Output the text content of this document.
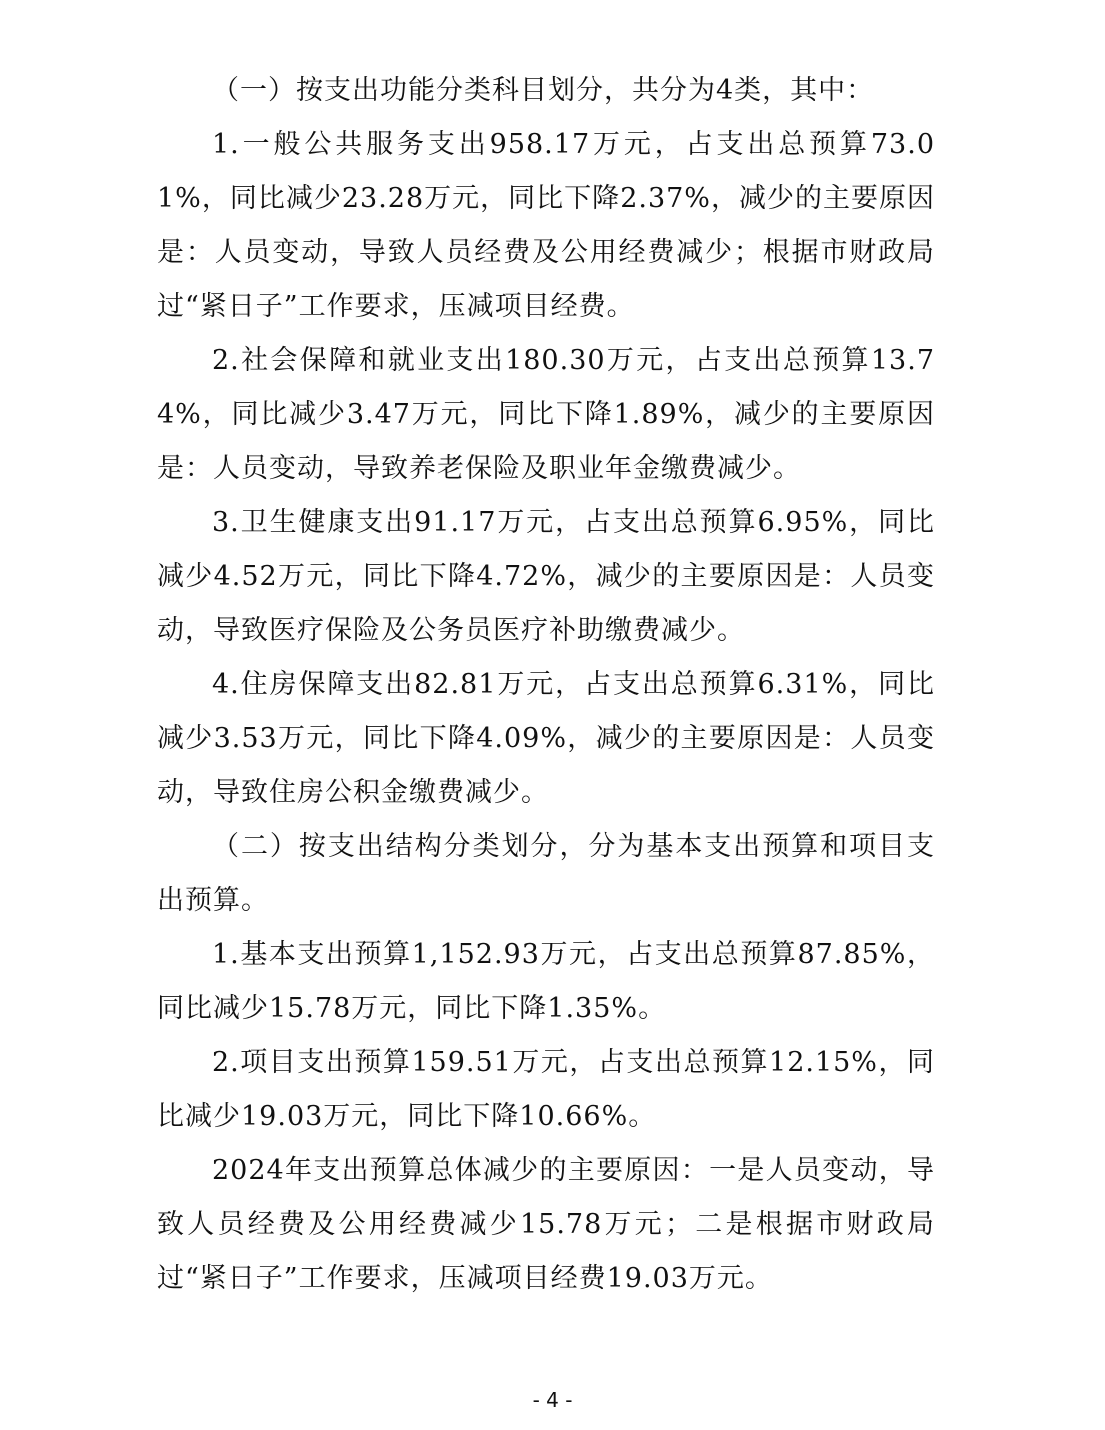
（一）按支出功能分类科目划分，共分为4类，其中：

1.一般公共服务支出958.17万元，占支出总预算73.01%，同比减少23.28万元，同比下降2.37%，减少的主要原因是：人员变动，导致人员经费及公用经费减少；根据市财政局过“紧日子”工作要求，压减项目经费。

2.社会保障和就业支出180.30万元，占支出总预算13.74%，同比减少3.47万元，同比下降1.89%，减少的主要原因是：人员变动，导致养老保险及职业年金缴费减少。

3.卫生健康支出91.17万元，占支出总预算6.95%，同比减少4.52万元，同比下降4.72%，减少的主要原因是：人员变动，导致医疗保险及公务员医疗补助缴费减少。

4.住房保障支出82.81万元，占支出总预算6.31%，同比减少3.53万元，同比下降4.09%，减少的主要原因是：人员变动，导致住房公积金缴费减少。

（二）按支出结构分类划分，分为基本支出预算和项目支出预算。

1.基本支出预算1,152.93万元，占支出总预算87.85%，同比减少15.78万元，同比下降1.35%。

2.项目支出预算159.51万元，占支出总预算12.15%，同比减少19.03万元，同比下降10.66%。

2024年支出预算总体减少的主要原因：一是人员变动，导致人员经费及公用经费减少15.78万元；二是根据市财政局过“紧日子”工作要求，压减项目经费19.03万元。

- 4 -
